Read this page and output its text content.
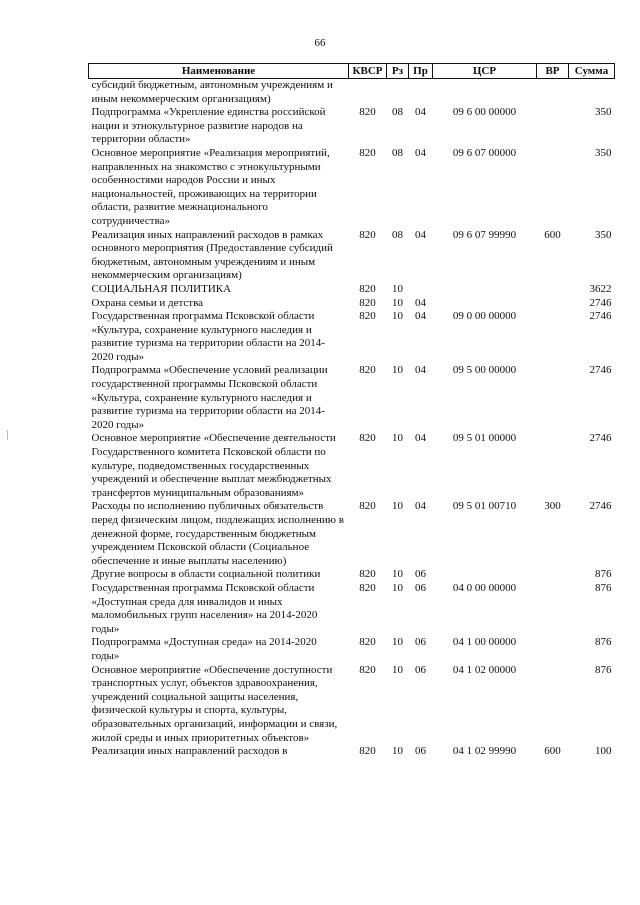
66
Наименование	КВСР	Рз	Пр	ЦСР	ВР	Сумма
субсидий бюджетным, автономным учреждениям и иным некоммерческим организациям)						
Подпрограмма «Укрепление единства российской нации и этнокультурное развитие народов на территории области»	820	08	04	09 6 00 00000		350
Основное мероприятие «Реализация мероприятий, направленных на знакомство с этнокультурными особенностями народов России и иных национальностей, проживающих на территории области, развитие межнационального сотрудничества»	820	08	04	09 6 07 00000		350
Реализация иных направлений расходов в рамках основного мероприятия (Предоставление субсидий бюджетным, автономным учреждениям и иным некоммерческим организациям)	820	08	04	09 6 07 99990	600	350
СОЦИАЛЬНАЯ ПОЛИТИКА	820	10				3622
Охрана семьи и детства	820	10	04			2746
Государственная программа Псковской области «Культура, сохранение культурного наследия и развитие туризма на территории области на 2014-2020 годы»	820	10	04	09 0 00 00000		2746
Подпрограмма «Обеспечение условий реализации государственной программы Псковской области «Культура, сохранение культурного наследия и развитие туризма на территории области на 2014-2020 годы»	820	10	04	09 5 00 00000		2746
Основное мероприятие «Обеспечение деятельности Государственного комитета Псковской области по культуре, подведомственных государственных учреждений и обеспечение выплат межбюджетных трансфертов муниципальным образованиям»	820	10	04	09 5 01 00000		2746
Расходы по исполнению публичных обязательств перед физическим лицом, подлежащих исполнению в денежной форме, государственным бюджетным учреждением Псковской области (Социальное обеспечение и иные выплаты населению)	820	10	04	09 5 01 00710	300	2746
Другие вопросы в области социальной политики	820	10	06			876
Государственная программа Псковской области «Доступная среда для инвалидов и иных маломобильных групп населения» на 2014-2020 годы»	820	10	06	04 0 00 00000		876
Подпрограмма «Доступная среда» на 2014-2020 годы»	820	10	06	04 1 00 00000		876
Основное мероприятие «Обеспечение доступности транспортных услуг, объектов здравоохранения, учреждений социальной защиты населения, физической культуры и спорта, культуры, образовательных организаций, информации и связи, жилой среды и иных приоритетных объектов»	820	10	06	04 1 02 00000		876
Реализация иных направлений расходов в	820	10	06	04 1 02 99990	600	100
